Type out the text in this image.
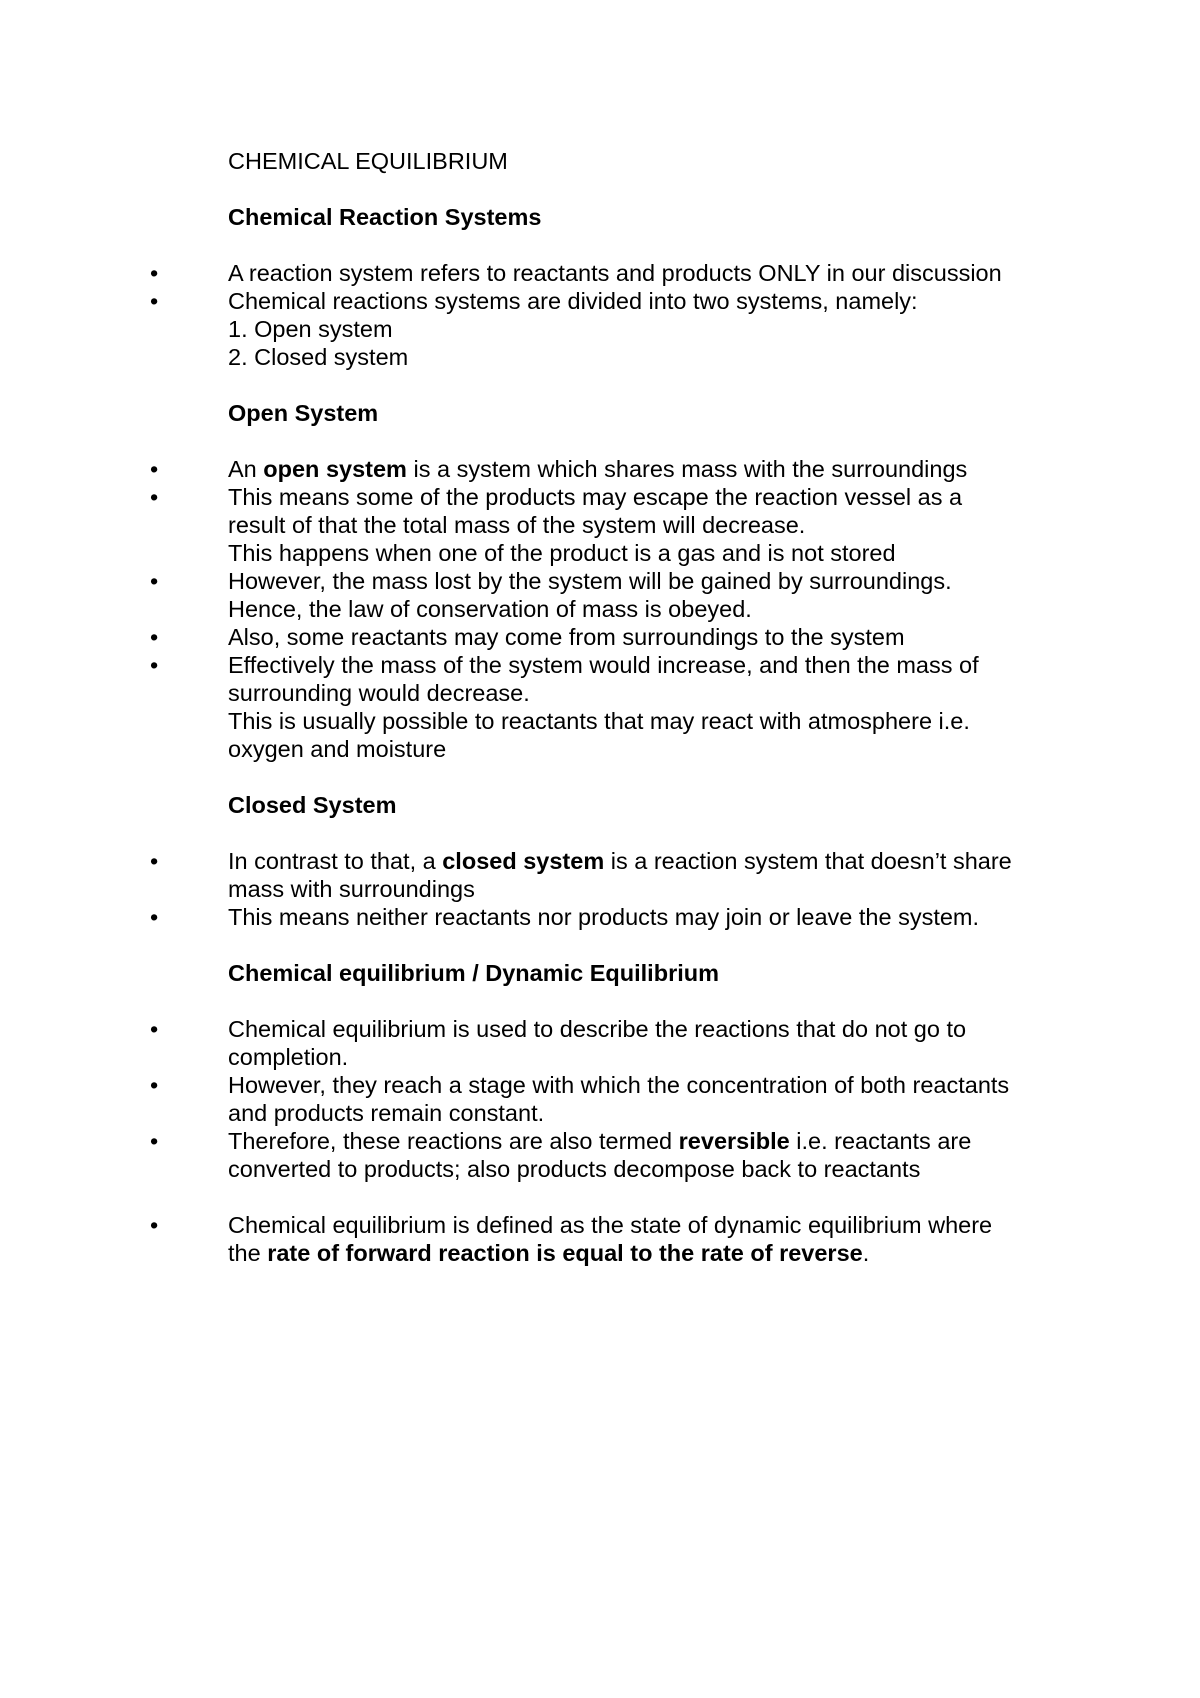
CHEMICAL EQUILIBRIUM
Chemical Reaction Systems
•	A reaction system refers to reactants and products ONLY in our discussion
•	Chemical reactions systems are divided into two systems, namely:
1. Open system
2. Closed system
Open System
•	An open system is a system which shares mass with the surroundings
•	This means some of the products may escape the reaction vessel as a
result of that the total mass of the system will decrease.
This happens when one of the product is a gas and is not stored
•	However, the mass lost by the system will be gained by surroundings.
Hence, the law of conservation of mass is obeyed.
•	Also, some reactants may come from surroundings to the system
•	Effectively the mass of the system would increase, and then the mass of
surrounding would decrease.
This is usually possible to reactants that may react with atmosphere i.e.
oxygen and moisture
Closed System
•	In contrast to that, a closed system is a reaction system that doesn’t share
mass with surroundings
•	This means neither reactants nor products may join or leave the system.
Chemical equilibrium / Dynamic Equilibrium
•	Chemical equilibrium is used to describe the reactions that do not go to
completion.
•	However, they reach a stage with which the concentration of both reactants
and products remain constant.
•	Therefore, these reactions are also termed reversible i.e. reactants are
converted to products; also products decompose back to reactants
•	Chemical equilibrium is defined as the state of dynamic equilibrium where
the rate of forward reaction is equal to the rate of reverse.
